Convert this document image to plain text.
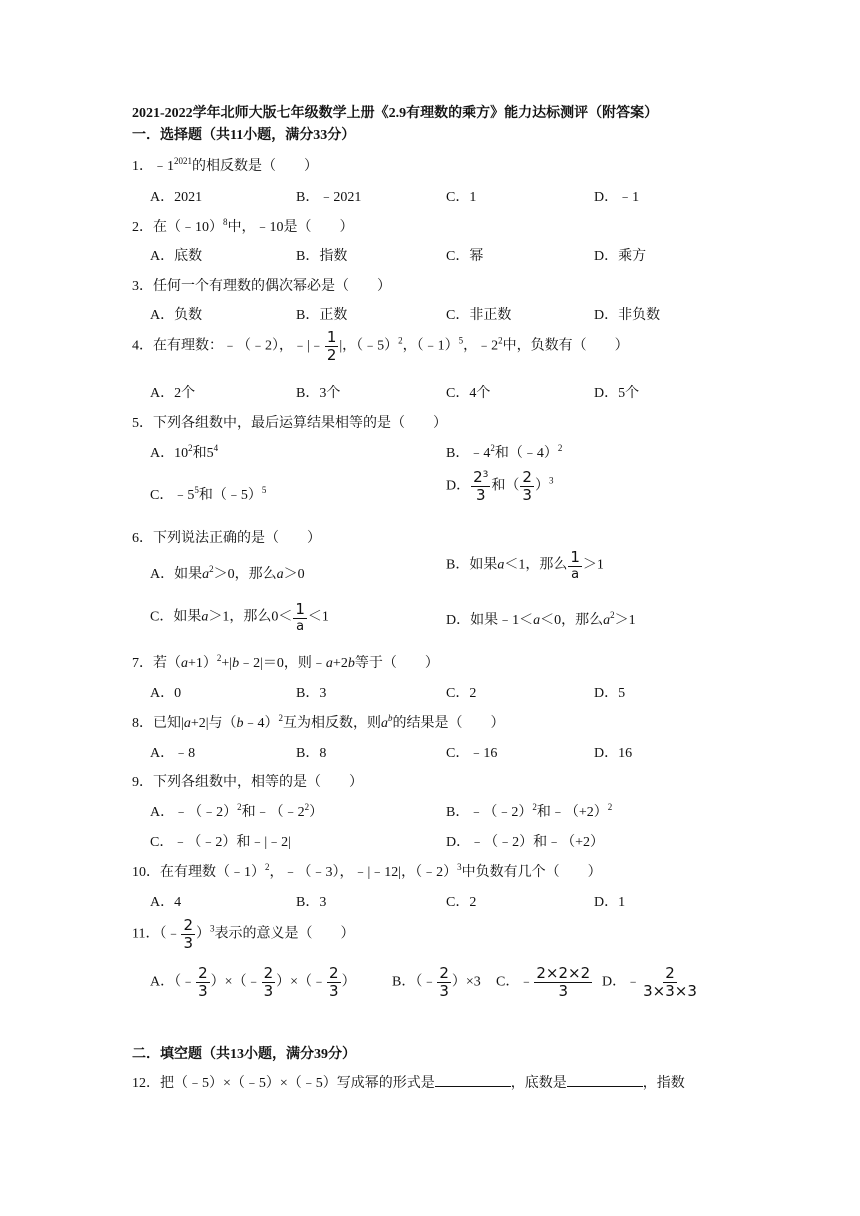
2021-2022学年北师大版七年级数学上册《2.9有理数的乘方》能力达标测评（附答案）
一．选择题（共11小题，满分33分）
1．$﹣1^{2021}$的相反数是（　　）
A．2021	B．﹣2021	C．1	D．﹣1
2．在（﹣10）$^8$中，﹣10是（　　）
A．底数	B．指数	C．幂	D．乘方
3．任何一个有理数的偶次幂必是（　　）
A．负数	B．正数	C．非正数	D．非负数
4．在有理数：﹣（﹣2），﹣|﹣ $\frac{1}{2}$ |，（﹣5）$^2$，（﹣1）$^5$，$﹣2^2$中，负数有（　　）
A．2个	B．3个	C．4个	D．5个
5．下列各组数中，最后运算结果相等的是（　　）
A．$10^2$和$5^4$	B．$﹣4^2$和（﹣4）$^2$
C．$﹣5^5$和（﹣5）$^5$	D． $\frac{2^3}{3}$ 和（ $\frac{2}{3} )^3$
6．下列说法正确的是（　　）
A．如果$a^2>0$，那么a＞0
B．如果a＜1，那么 $\frac{1}{a} >1$
C．如果a＞1，那么$0< \frac{1}{a} <1$	D．如果﹣1＜a＜0，那么$a^2>1$
7．若$(a+1)^2+|b﹣2|=0$，则﹣a+2b等于（　　）
A．0	B．3	C．2	D．5
8．已知|a+2|与（b﹣4）$^2$互为相反数，则$a^b$的结果是（　　）
A．﹣8	B．8	C．﹣16	D．16
9．下列各组数中，相等的是（　　）
A．﹣（﹣2）$^2$和$﹣(﹣2^2)$	B．﹣（﹣2）$^2$和$﹣(+2)^2$
C．﹣（﹣2）和﹣|﹣2|	D．﹣（﹣2）和﹣（+2）
10．在有理数（﹣1）$^2$，﹣（﹣3），﹣|﹣12|，（﹣2）$^3$中负数有几个（　　）
A．4	B．3	C．2	D．1
11．（﹣ $\frac{2}{3} )^3$表示的意义是（　　）
A．（﹣ $\frac{2}{3}$ ）×（﹣ $\frac{2}{3}$ ）×（﹣ $\frac{2}{3}$ ）	B．（﹣ $\frac{2}{3} )\times 3$ C．﹣ $\frac{2\times 2\times 2}{3}$ D．﹣ $\frac{2}{3\times 3\times 3}$
二．填空题（共13小题，满分39分）
12．把（﹣5）×（﹣5）×（﹣5）写成幂的形式是	，底数是	，指数
